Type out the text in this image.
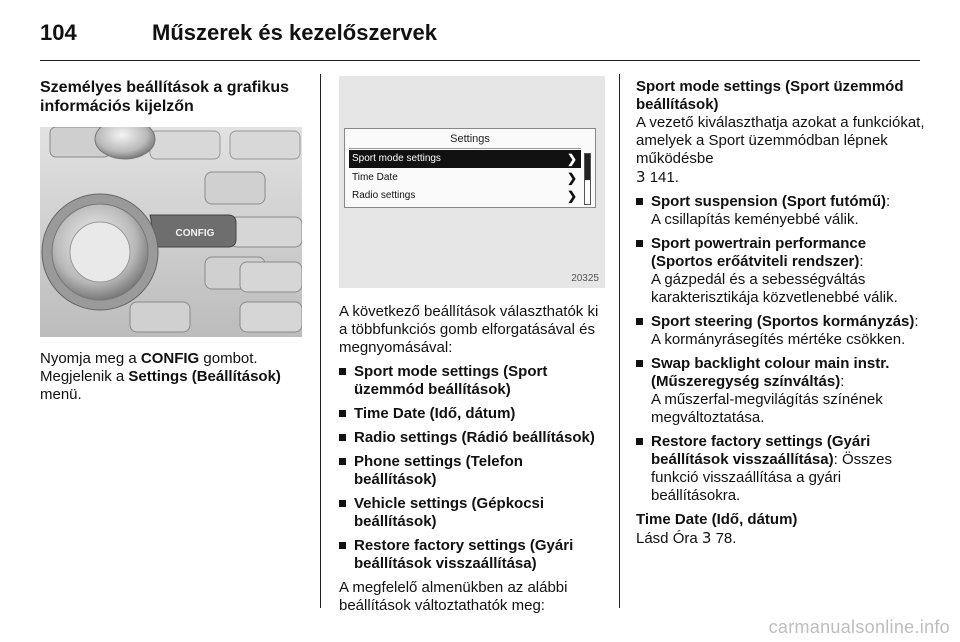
104	Műszerek és kezelőszervek
Személyes beállítások a grafikus információs kijelzőn
CONFIG
Nyomja meg a CONFIG gombot.
Megjelenik a Settings (Beállítások)
menü.
Settings
Sport mode settings	❯
Time Date	❯
Radio settings	❯
20325
A következő beállítások választhatók ki a többfunkciós gomb elforgatásával és megnyomásával:
Sport mode settings (Sport üzemmód beállítások)
Time Date (Idő, dátum)
Radio settings (Rádió beállítások)
Phone settings (Telefon beállítások)
Vehicle settings (Gépkocsi beállítások)
Restore factory settings (Gyári beállítások visszaállítása)
A megfelelő almenükben az alábbi beállítások változtathatók meg:
Sport mode settings (Sport üzemmód beállítások)
A vezető kiválaszthatja azokat a funkciókat, amelyek a Sport üzemmódban lépnek működésbe
3 141.
Sport suspension (Sport futómű):
A csillapítás keményebbé válik.
Sport powertrain performance (Sportos erőátviteli rendszer):
A gázpedál és a sebességváltás karakterisztikája közvetlenebbé válik.
Sport steering (Sportos kormányzás): A kormányrásegítés mértéke csökken.
Swap backlight colour main instr. (Műszeregység színváltás):
A műszerfal-megvilágítás színének megváltoztatása.
Restore factory settings (Gyári beállítások visszaállítása): Összes funkció visszaállítása a gyári beállításokra.
Time Date (Idő, dátum)
Lásd Óra 3 78.
carmanualsonline.info
